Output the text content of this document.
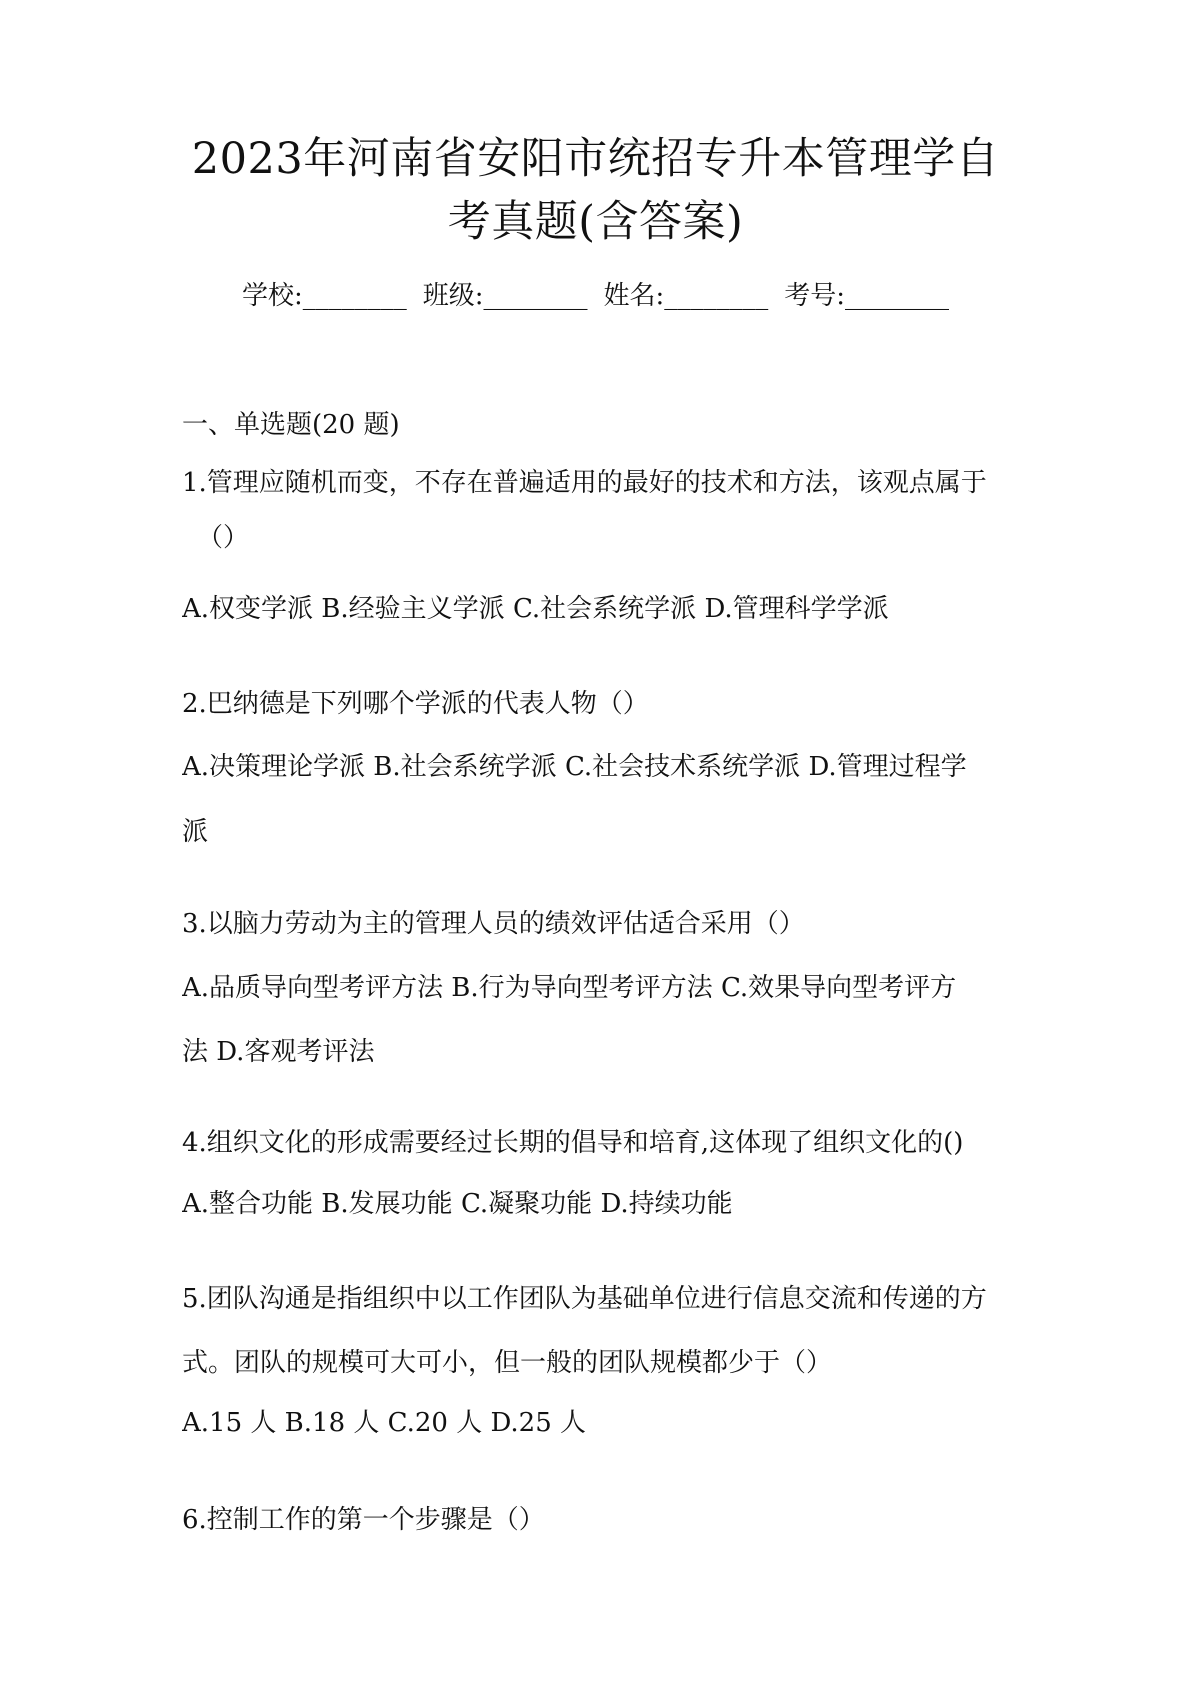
2023年河南省安阳市统招专升本管理学自
考真题(含答案)
学校:________ 班级:________ 姓名:________ 考号:________
一、单选题(20 题)
1.管理应随机而变，不存在普遍适用的最好的技术和方法，该观点属于
（）
A.权变学派 B.经验主义学派 C.社会系统学派 D.管理科学学派
2.巴纳德是下列哪个学派的代表人物（）
A.决策理论学派 B.社会系统学派 C.社会技术系统学派 D.管理过程学
派
3.以脑力劳动为主的管理人员的绩效评估适合采用（）
A.品质导向型考评方法 B.行为导向型考评方法 C.效果导向型考评方
法 D.客观考评法
4.组织文化的形成需要经过长期的倡导和培育,这体现了组织文化的()
A.整合功能 B.发展功能 C.凝聚功能 D.持续功能
5.团队沟通是指组织中以工作团队为基础单位进行信息交流和传递的方
式。团队的规模可大可小，但一般的团队规模都少于（）
A.15 人 B.18 人 C.20 人 D.25 人
6.控制工作的第一个步骤是（）
